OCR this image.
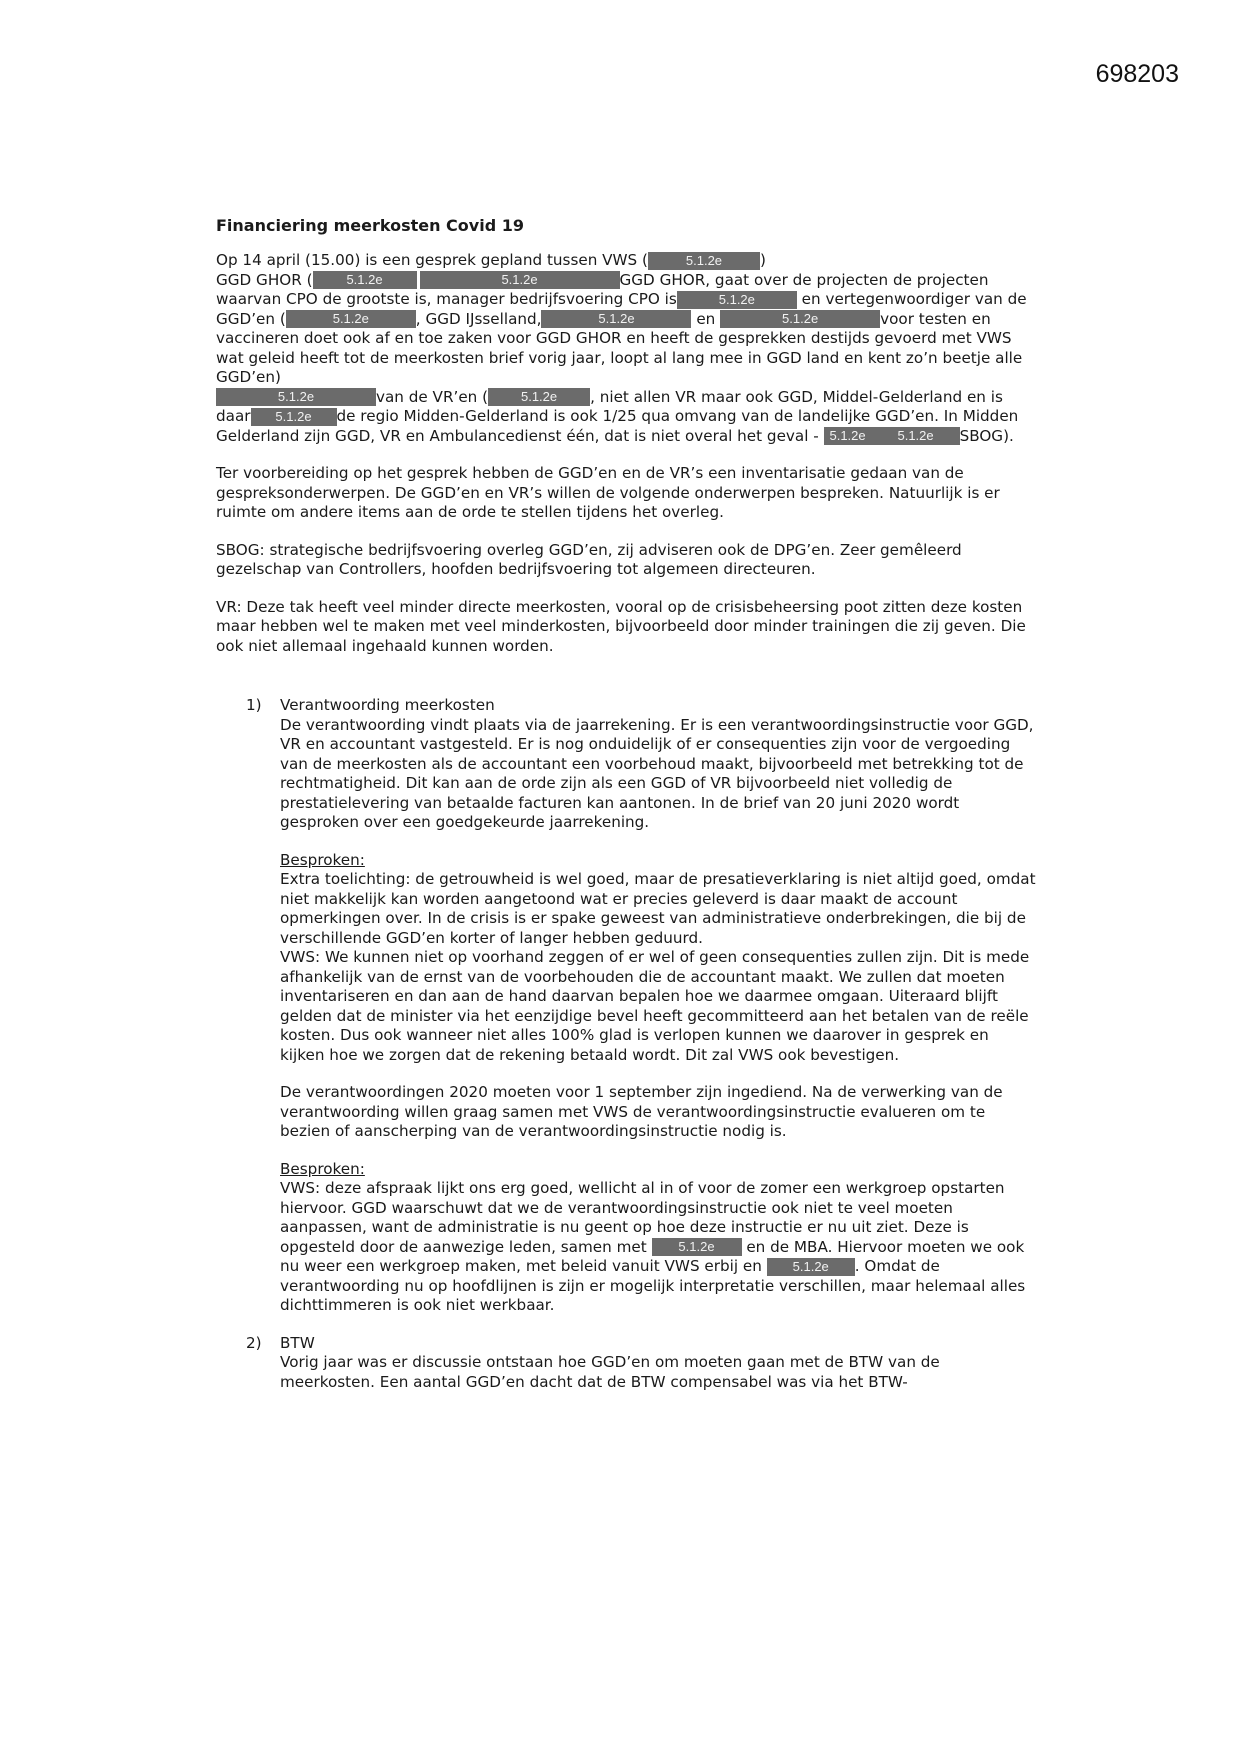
698203
Financiering meerkosten Covid 19

Op 14 april (15.00) is een gesprek gepland tussen VWS (	5.1.2e )
GGD GHOR (	5.1.2e	5.1.2e	GGD GHOR, gaat over de projecten de projecten waarvan CPO de grootste is, manager bedrijfsvoering CPO is	5.1.2e	en vertegenwoordiger van de GGD’en (	5.1.2e	, GGD IJsselland,	5.1.2e	en	5.1.2e	voor testen en vaccineren doet ook af en toe zaken voor GGD GHOR en heeft de gesprekken destijds gevoerd met VWS wat geleid heeft tot de meerkosten brief vorig jaar, loopt al lang mee in GGD land en kent zo’n beetje alle GGD’en)
5.1.2e	van de VR’en (	5.1.2e , niet allen VR maar ook GGD, Middel-Gelderland en is daar 5.1.2e de regio Midden-Gelderland is ook 1/25 qua omvang van de landelijke GGD’en. In Midden Gelderland zijn GGD, VR en Ambulancedienst één, dat is niet overal het geval - 5.1.2e 5.1.2e SBOG).

Ter voorbereiding op het gesprek hebben de GGD’en en de VR’s een inventarisatie gedaan van de gespreksonderwerpen. De GGD’en en VR’s willen de volgende onderwerpen bespreken. Natuurlijk is er ruimte om andere items aan de orde te stellen tijdens het overleg.

SBOG: strategische bedrijfsvoering overleg GGD’en, zij adviseren ook de DPG’en. Zeer gemêleerd gezelschap van Controllers, hoofden bedrijfsvoering tot algemeen directeuren.

VR: Deze tak heeft veel minder directe meerkosten, vooral op de crisisbeheersing poot zitten deze kosten maar hebben wel te maken met veel minderkosten, bijvoorbeeld door minder trainingen die zij geven. Die ook niet allemaal ingehaald kunnen worden.

1) Verantwoording meerkosten
De verantwoording vindt plaats via de jaarrekening. Er is een verantwoordingsinstructie voor GGD, VR en accountant vastgesteld. Er is nog onduidelijk of er consequenties zijn voor de vergoeding van de meerkosten als de accountant een voorbehoud maakt, bijvoorbeeld met betrekking tot de rechtmatigheid. Dit kan aan de orde zijn als een GGD of VR bijvoorbeeld niet volledig de prestatielevering van betaalde facturen kan aantonen. In de brief van 20 juni 2020 wordt gesproken over een goedgekeurde jaarrekening.

Besproken:
Extra toelichting: de getrouwheid is wel goed, maar de presatieverklaring is niet altijd goed, omdat niet makkelijk kan worden aangetoond wat er precies geleverd is daar maakt de account opmerkingen over. In de crisis is er spake geweest van administratieve onderbrekingen, die bij de verschillende GGD’en korter of langer hebben geduurd.
VWS: We kunnen niet op voorhand zeggen of er wel of geen consequenties zullen zijn. Dit is mede afhankelijk van de ernst van de voorbehouden die de accountant maakt. We zullen dat moeten inventariseren en dan aan de hand daarvan bepalen hoe we daarmee omgaan. Uiteraard blijft gelden dat de minister via het eenzijdige bevel heeft gecommitteerd aan het betalen van de reële kosten. Dus ook wanneer niet alles 100% glad is verlopen kunnen we daarover in gesprek en kijken hoe we zorgen dat de rekening betaald wordt. Dit zal VWS ook bevestigen.

De verantwoordingen 2020 moeten voor 1 september zijn ingediend. Na de verwerking van de verantwoording willen graag samen met VWS de verantwoordingsinstructie evalueren om te bezien of aanscherping van de verantwoordingsinstructie nodig is.

Besproken:
VWS: deze afspraak lijkt ons erg goed, wellicht al in of voor de zomer een werkgroep opstarten hiervoor. GGD waarschuwt dat we de verantwoordingsinstructie ook niet te veel moeten aanpassen, want de administratie is nu geent op hoe deze instructie er nu uit ziet. Deze is opgesteld door de aanwezige leden, samen met 5.1.2e en de MBA. Hiervoor moeten we ook nu weer een werkgroep maken, met beleid vanuit VWS erbij en 5.1.2e . Omdat de verantwoording nu op hoofdlijnen is zijn er mogelijk interpretatie verschillen, maar helemaal alles dichttimmeren is ook niet werkbaar.

2) BTW
Vorig jaar was er discussie ontstaan hoe GGD’en om moeten gaan met de BTW van de meerkosten. Een aantal GGD’en dacht dat de BTW compensabel was via het BTW-
